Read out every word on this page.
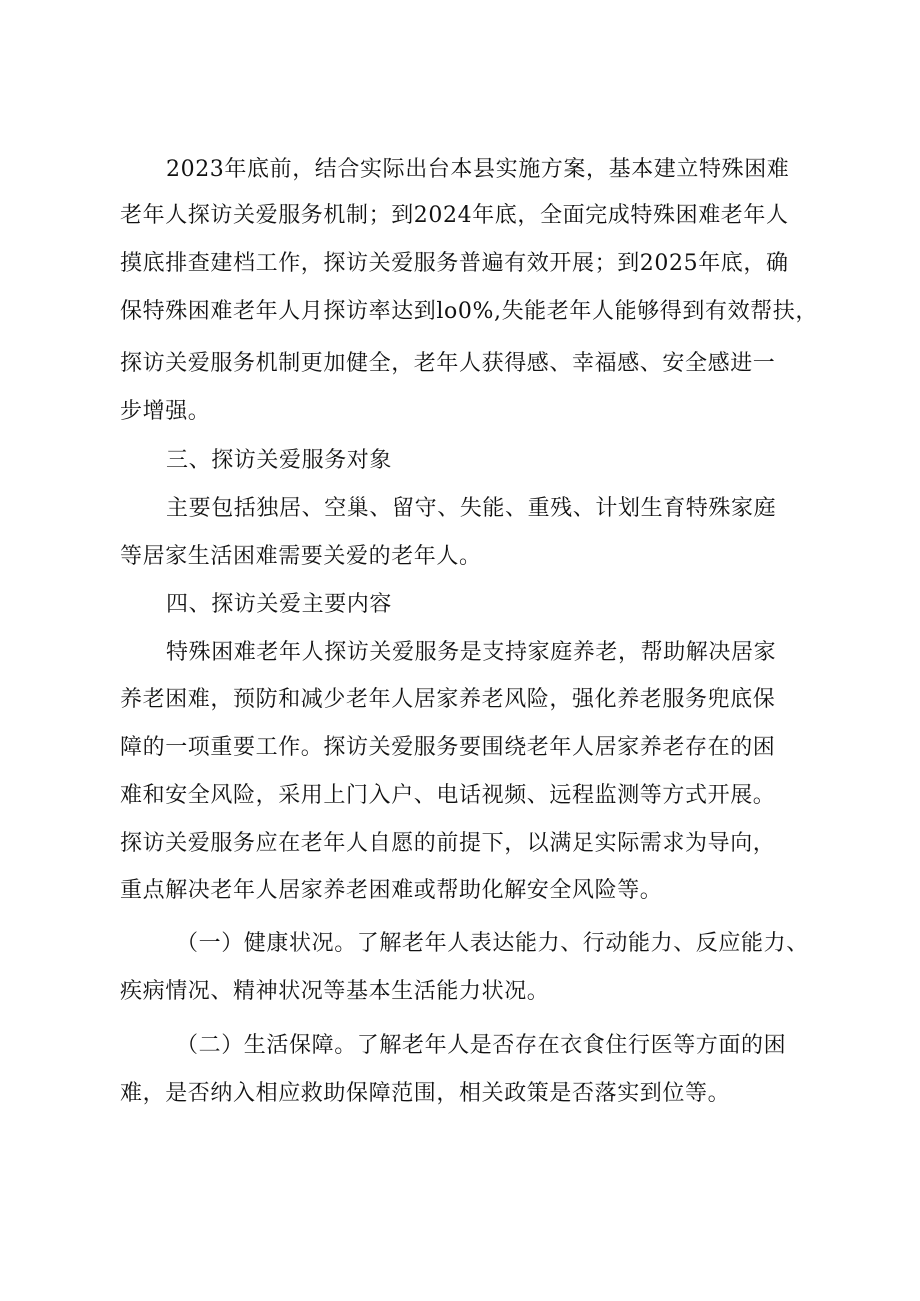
2023年底前，结合实际出台本县实施方案，基本建立特殊困难
老年人探访关爱服务机制；到2024年底，全面完成特殊困难老年人
摸底排查建档工作，探访关爱服务普遍有效开展；到2025年底，确
保特殊困难老年人月探访率达到lo0%,失能老年人能够得到有效帮扶，
探访关爱服务机制更加健全，老年人获得感、幸福感、安全感进一
步增强。
三、探访关爱服务对象
主要包括独居、空巢、留守、失能、重残、计划生育特殊家庭
等居家生活困难需要关爱的老年人。
四、探访关爱主要内容
特殊困难老年人探访关爱服务是支持家庭养老，帮助解决居家
养老困难，预防和减少老年人居家养老风险，强化养老服务兜底保
障的一项重要工作。探访关爱服务要围绕老年人居家养老存在的困
难和安全风险，采用上门入户、电话视频、远程监测等方式开展。
探访关爱服务应在老年人自愿的前提下，以满足实际需求为导向，
重点解决老年人居家养老困难或帮助化解安全风险等。
（一）健康状况。了解老年人表达能力、行动能力、反应能力、
疾病情况、精神状况等基本生活能力状况。
（二）生活保障。了解老年人是否存在衣食住行医等方面的困
难，是否纳入相应救助保障范围，相关政策是否落实到位等。
